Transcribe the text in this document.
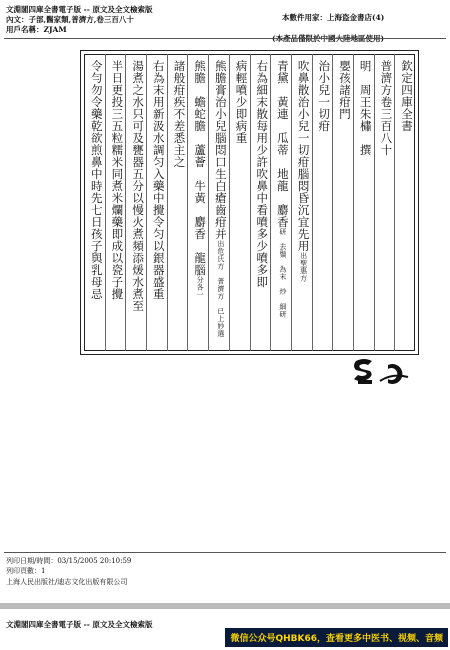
文淵閣四庫全書電子版 -- 原文及全文檢索版
內文：子部,醫家類,普濟方,卷三百八十
用戶名稱：ZJAM
本數件用家：上海盗金書店(4)
(本產品僅限於中國大陸地區使用)
欽定四庫全書
普濟方卷三百八十
明　周王朱橚　撰
嬰孩諸疳門
治小兒一切疳
吹鼻散治小兒一切疳腦悶昏沉宜先用出聖惠方
青黛　黃連　瓜蒂　地龍　麝香研　去鬚　為末　炒　細研
右為細末散每用少許吹鼻中看噴多少噴多即
病輕噴少即病重
熊膽膏治小兒腦悶口生白瘡齒疳并出危氏方　普濟方　已上妙選
熊膽　蟾蛇膽　蘆薈　牛黃　麝香　龍腦分各一
諸般疳疾不差悉主之
右為末用新汲水調匀入藥中攪令匀以銀器盛重
湯煮之水只可及甕器五分以慢火煮頻添煖水煮至
半日更投三五粒糯米同煮米爛藥即成以瓷子攪
令勻勿令藥乾欲煎鼻中時先七日孩子與乳母忌
列印日期/時間：03/15/2005 20:10:59
列印頁數：1
上海人民出版社/迪志文化出版有限公司
文淵閣四庫全書電子版 -- 原文及全文檢索版
微信公众号QHBK66，查看更多中医书、视频、音频
